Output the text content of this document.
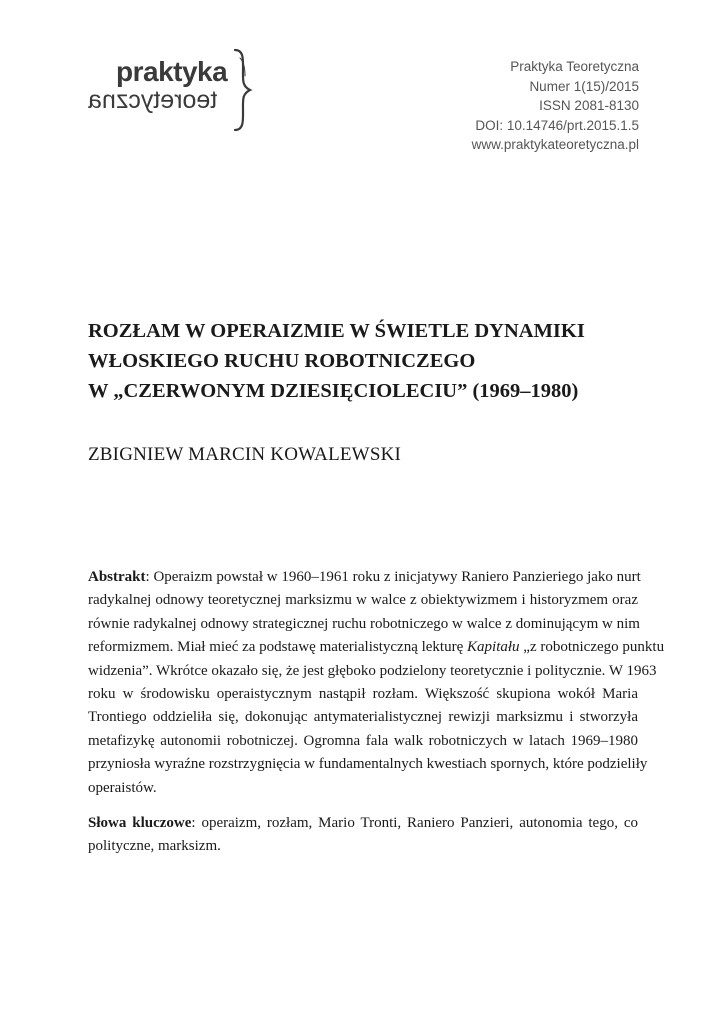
praktyka
teoretyczna
Praktyka Teoretyczna
Numer 1(15)/2015
ISSN 2081-8130
DOI: 10.14746/prt.2015.1.5
www.praktykateoretyczna.pl
ROZŁAM W OPERAIZMIE W ŚWIETLE DYNAMIKI
WŁOSKIEGO RUCHU ROBOTNICZEGO
W „CZERWONYM DZIESIĘCIOLECIU” (1969–1980)
ZBIGNIEW MARCIN KOWALEWSKI
Abstrakt: Operaizm powstał w 1960–1961 roku z inicjatywy Raniero Panzieriego jako nurt
radykalnej odnowy teoretycznej marksizmu w walce z obiektywizmem i historyzmem oraz
równie radykalnej odnowy strategicznej ruchu robotniczego w walce z dominującym w nim
reformizmem. Miał mieć za podstawę materialistyczną lekturę Kapitału „z robotniczego punktu
widzenia”. Wkrótce okazało się, że jest głęboko podzielony teoretycznie i politycznie. W 1963
roku w środowisku operaistycznym nastąpił rozłam. Większość skupiona wokół Maria
Trontiego oddzieliła się, dokonując antymaterialistycznej rewizji marksizmu i stworzyła
metafizykę autonomii robotniczej. Ogromna fala walk robotniczych w latach 1969–1980
przyniosła wyraźne rozstrzygnięcia w fundamentalnych kwestiach spornych, które podzieliły
operaistów.
Słowa kluczowe: operaizm, rozłam, Mario Tronti, Raniero Panzieri, autonomia tego, co
polityczne, marksizm.
